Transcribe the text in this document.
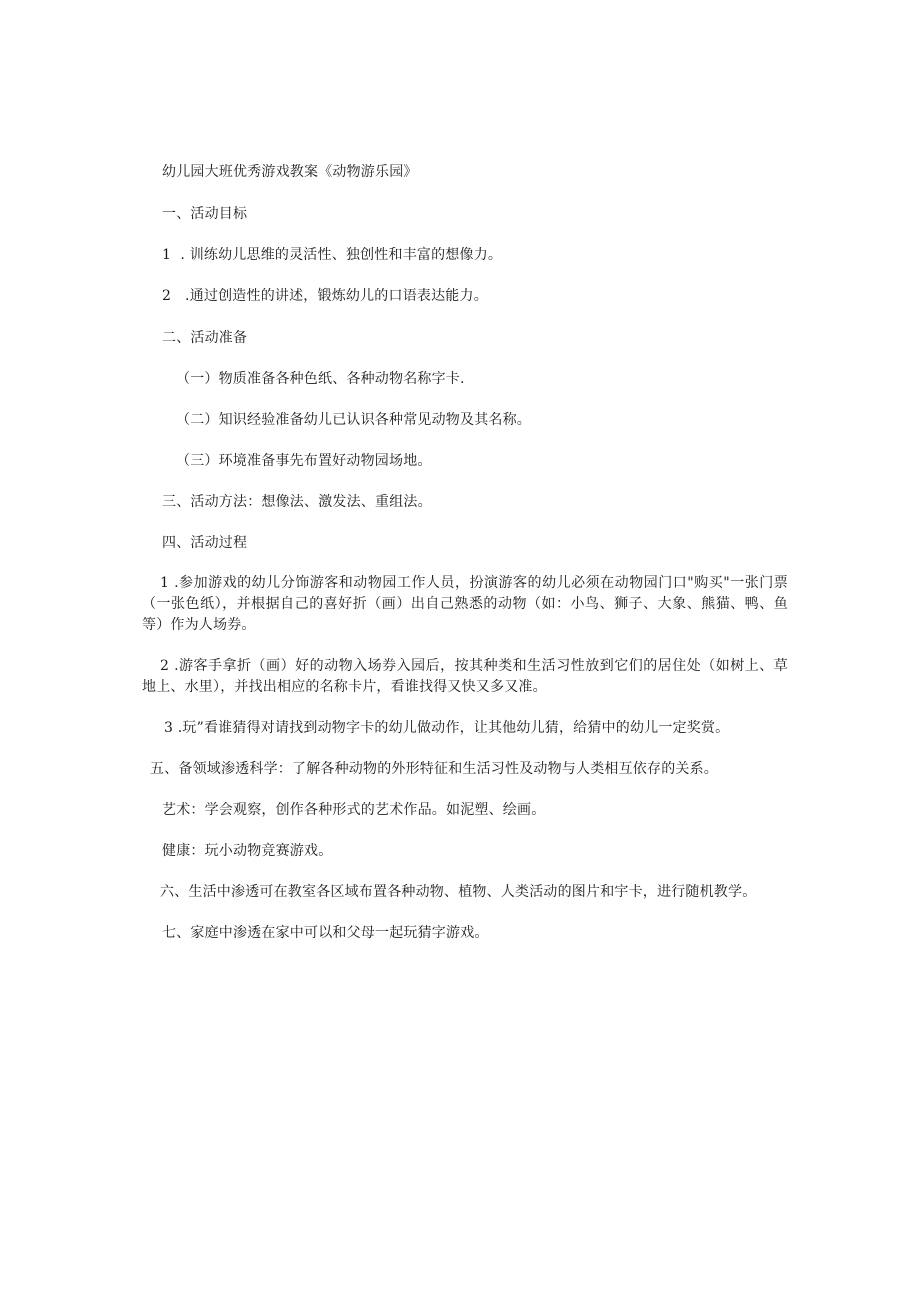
幼儿园大班优秀游戏教案《动物游乐园》
一、活动目标
1  . 训练幼儿思维的灵活性、独创性和丰富的想像力。
2   .通过创造性的讲述，锻炼幼儿的口语表达能力。
二、活动准备
（一）物质准备各种色纸、各种动物名称字卡.
（二）知识经验准备幼儿已认识各种常见动物及其名称。
（三）环境准备事先布置好动物园场地。
三、活动方法：想像法、激发法、重组法。
四、活动过程
1 .参加游戏的幼儿分饰游客和动物园工作人员，扮演游客的幼儿必须在动物园门口"购买"一张门票（一张色纸），并根据自己的喜好折（画）出自己熟悉的动物（如：小鸟、狮子、大象、熊猫、鸭、鱼等）作为人场券。
2 .游客手拿折（画）好的动物入场券入园后，按其种类和生活习性放到它们的居住处（如树上、草地上、水里），并找出相应的名称卡片，看谁找得又快又多又准。
3 .玩”看谁猜得对请找到动物字卡的幼儿做动作，让其他幼儿猜，给猜中的幼儿一定奖赏。
五、备领域渗透科学：了解各种动物的外形特征和生活习性及动物与人类相互依存的关系。
艺术：学会观察，创作各种形式的艺术作品。如泥塑、绘画。
健康：玩小动物竞赛游戏。
六、生活中渗透可在教室各区域布置各种动物、植物、人类活动的图片和宇卡，进行随机教学。
七、家庭中渗透在家中可以和父母一起玩猜字游戏。
